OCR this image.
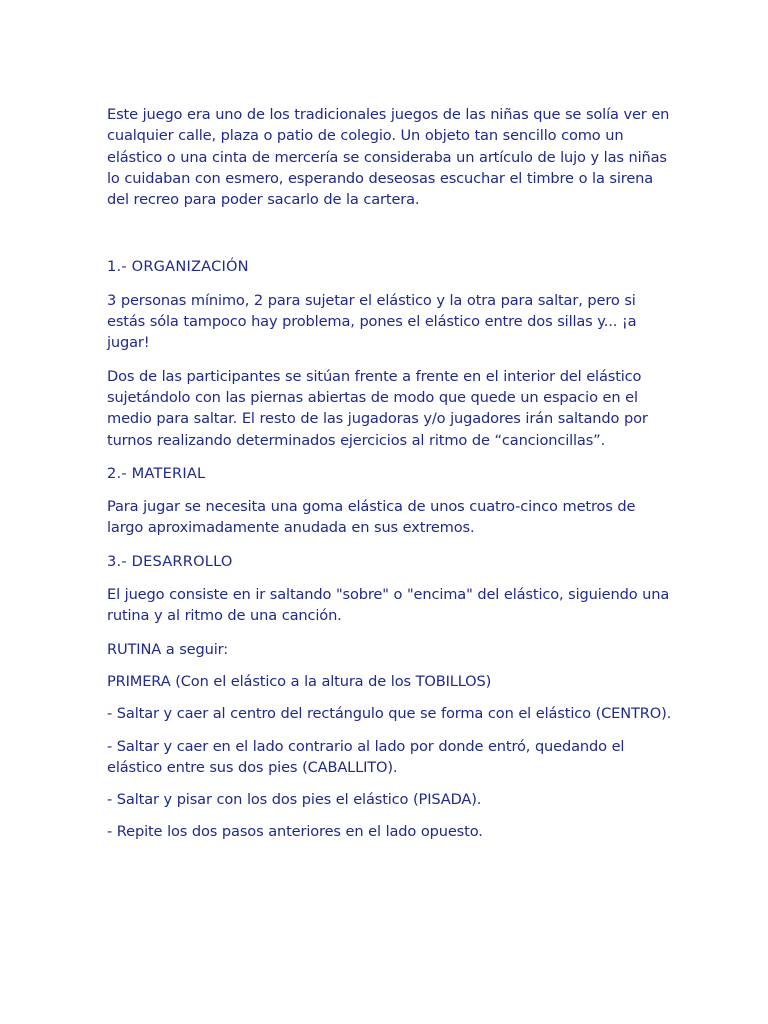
Este juego era uno de los tradicionales juegos de las niñas que se solía ver en cualquier calle, plaza o patio de colegio. Un objeto tan sencillo como un elástico o una cinta de mercería se consideraba un artículo de lujo y las niñas lo cuidaban con esmero, esperando deseosas escuchar el timbre o la sirena del recreo para poder sacarlo de la cartera.

1.- ORGANIZACIÓN

3 personas mínimo, 2 para sujetar el elástico y la otra para saltar, pero si estás sóla tampoco hay problema, pones el elástico entre dos sillas y... ¡a jugar!

Dos de las participantes se sitúan frente a frente en el interior del elástico sujetándolo con las piernas abiertas de modo que quede un espacio en el medio para saltar. El resto de las jugadoras y/o jugadores irán saltando por turnos realizando determinados ejercicios al ritmo de “cancioncillas”.

2.- MATERIAL

Para jugar se necesita una goma elástica de unos cuatro-cinco metros de largo aproximadamente anudada en sus extremos.

3.- DESARROLLO

El juego consiste en ir saltando "sobre" o "encima" del elástico, siguiendo una rutina y al ritmo de una canción.

RUTINA a seguir:

PRIMERA (Con el elástico a la altura de los TOBILLOS)

- Saltar y caer al centro del rectángulo que se forma con el elástico (CENTRO).

- Saltar y caer en el lado contrario al lado por donde entró, quedando el elástico entre sus dos pies (CABALLITO).

- Saltar y pisar con los dos pies el elástico (PISADA).

- Repite los dos pasos anteriores en el lado opuesto.
